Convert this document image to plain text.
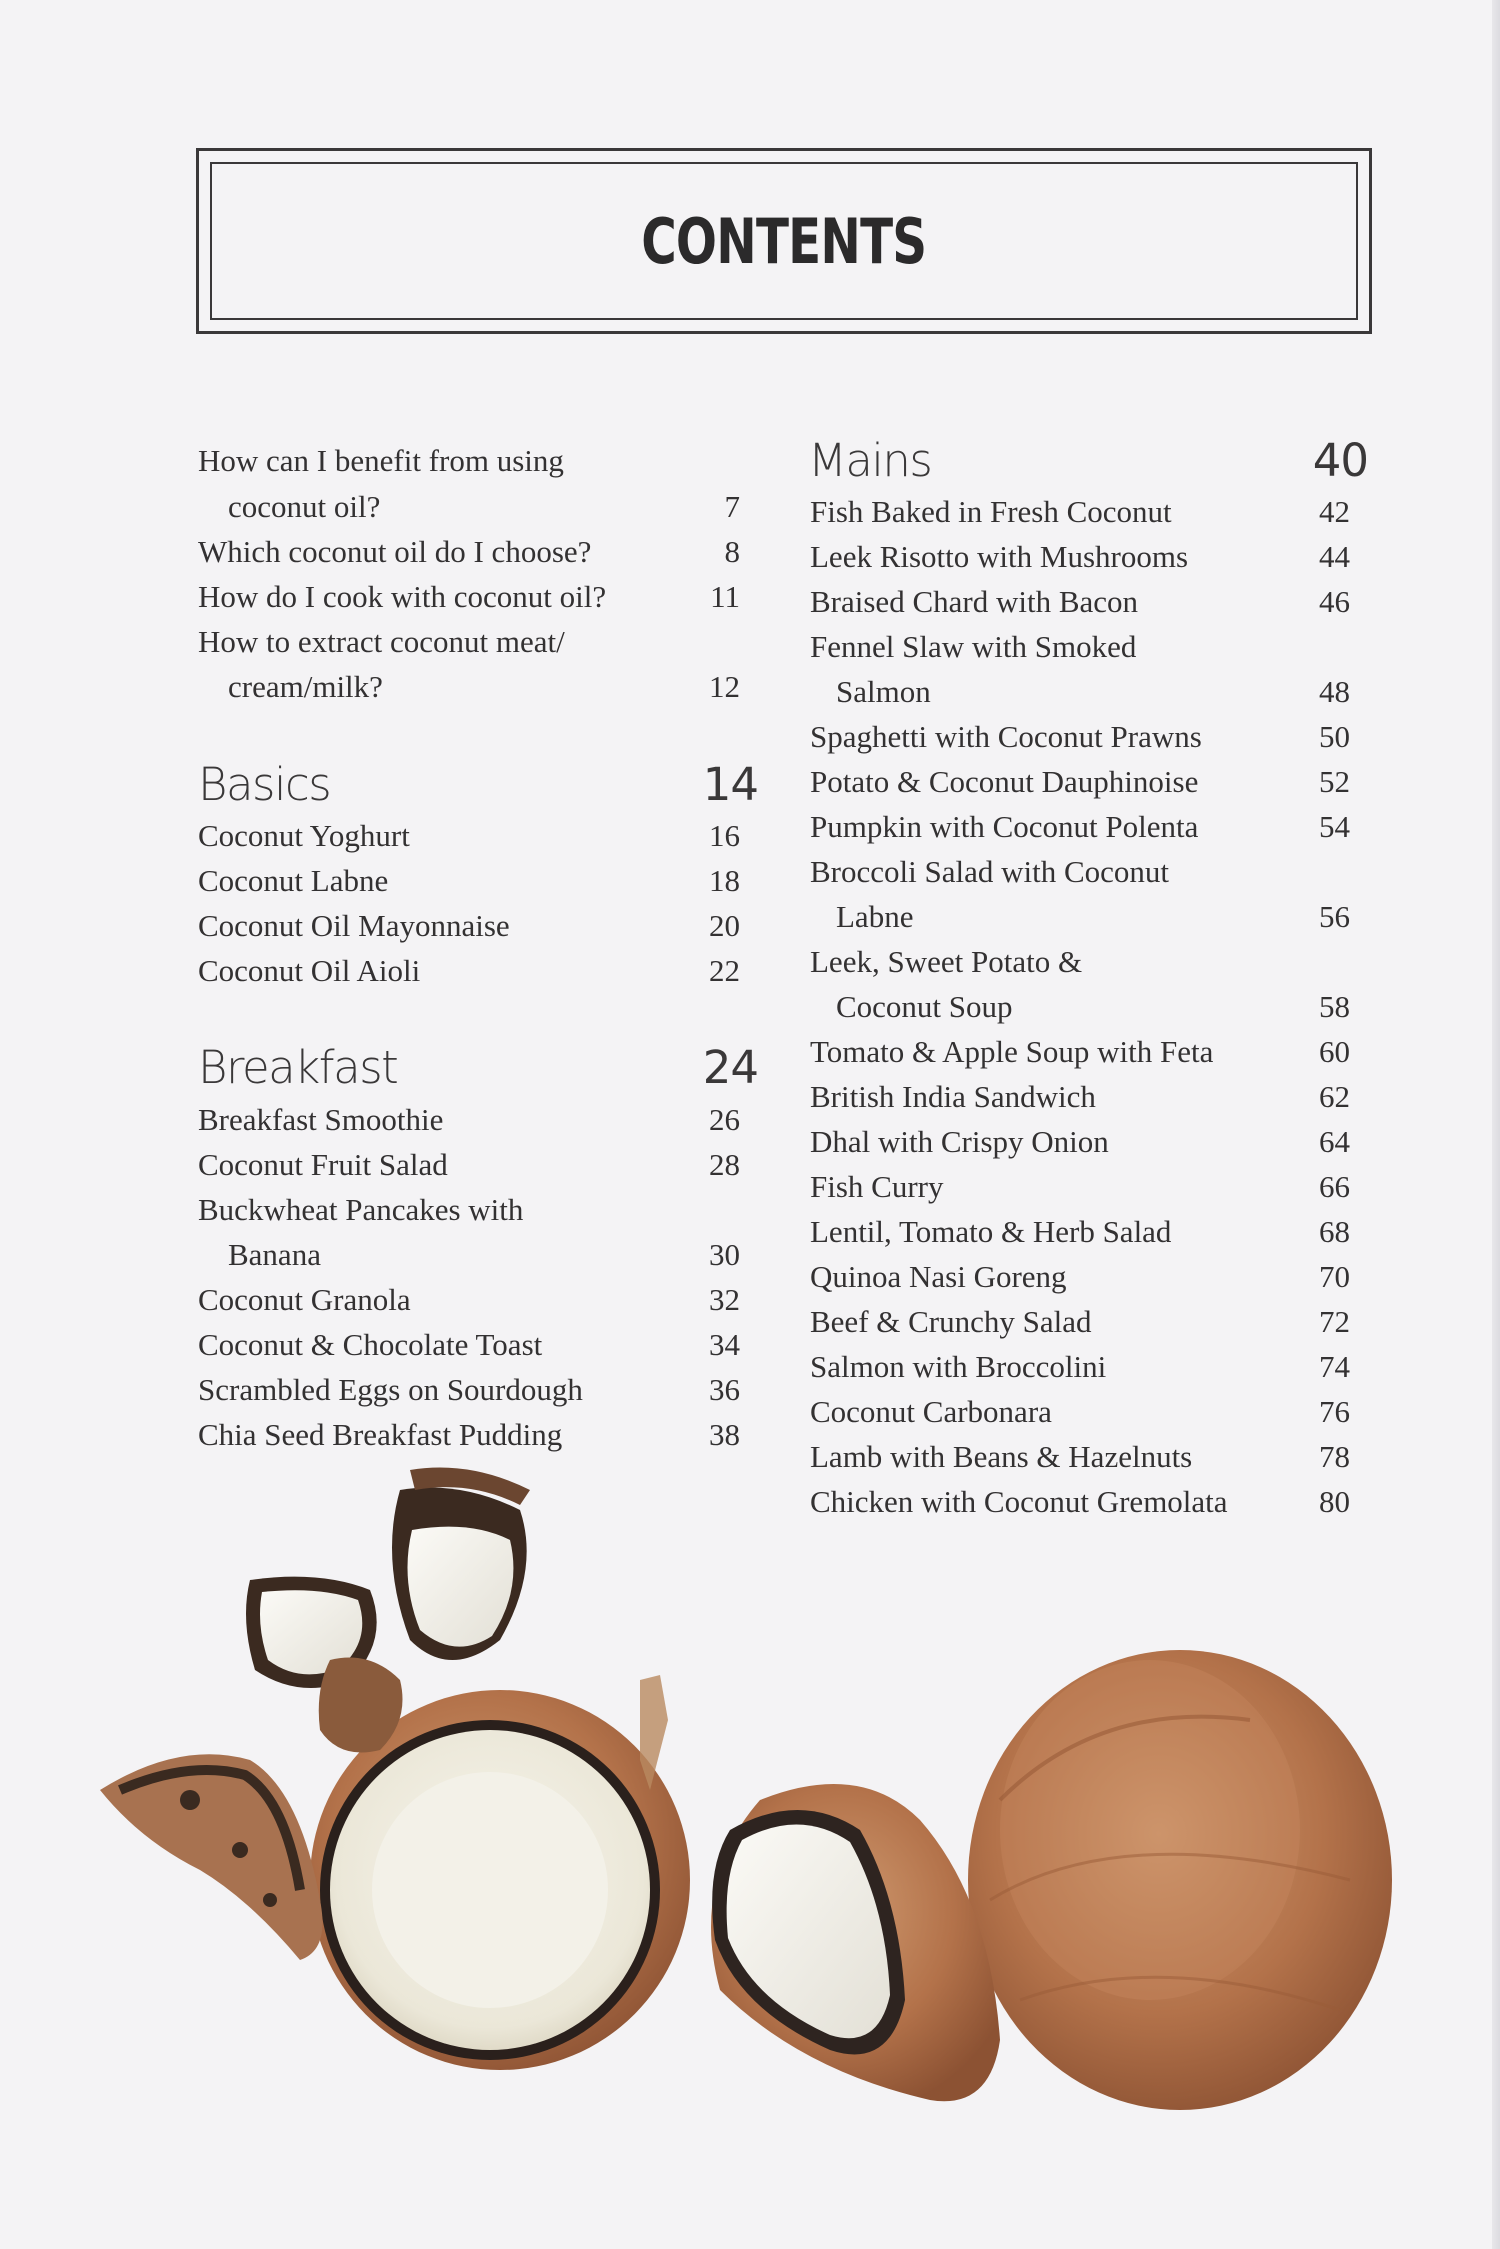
CONTENTS
How can I benefit from using
coconut oil?	7
Which coconut oil do I choose?	8
How do I cook with coconut oil?	11
How to extract coconut meat/
cream/milk?	12
Basics	14
Coconut Yoghurt	16
Coconut Labne	18
Coconut Oil Mayonnaise	20
Coconut Oil Aioli	22
Breakfast	24
Breakfast Smoothie	26
Coconut Fruit Salad	28
Buckwheat Pancakes with
Banana	30
Coconut Granola	32
Coconut & Chocolate Toast	34
Scrambled Eggs on Sourdough	36
Chia Seed Breakfast Pudding	38
Mains	40
Fish Baked in Fresh Coconut	42
Leek Risotto with Mushrooms	44
Braised Chard with Bacon	46
Fennel Slaw with Smoked
Salmon	48
Spaghetti with Coconut Prawns	50
Potato & Coconut Dauphinoise	52
Pumpkin with Coconut Polenta	54
Broccoli Salad with Coconut
Labne	56
Leek, Sweet Potato &
Coconut Soup	58
Tomato & Apple Soup with Feta	60
British India Sandwich	62
Dhal with Crispy Onion	64
Fish Curry	66
Lentil, Tomato & Herb Salad	68
Quinoa Nasi Goreng	70
Beef & Crunchy Salad	72
Salmon with Broccolini	74
Coconut Carbonara	76
Lamb with Beans & Hazelnuts	78
Chicken with Coconut Gremolata	80
